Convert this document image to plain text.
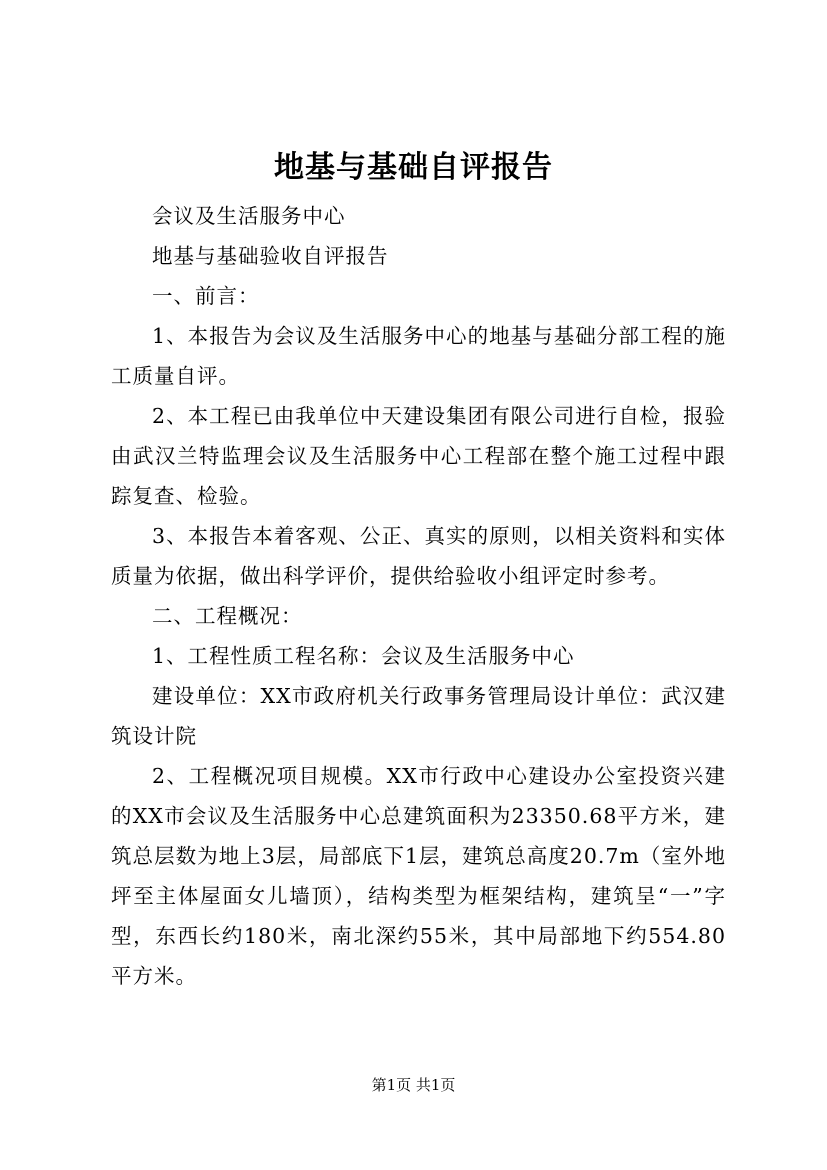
地基与基础自评报告

会议及生活服务中心

地基与基础验收自评报告

一、前言：

1、本报告为会议及生活服务中心的地基与基础分部工程的施工质量自评。

2、本工程已由我单位中天建设集团有限公司进行自检，报验由武汉兰特监理会议及生活服务中心工程部在整个施工过程中跟踪复查、检验。

3、本报告本着客观、公正、真实的原则，以相关资料和实体质量为依据，做出科学评价，提供给验收小组评定时参考。

二、工程概况：

1、工程性质工程名称：会议及生活服务中心

建设单位：XX市政府机关行政事务管理局设计单位：武汉建筑设计院

2、工程概况项目规模。XX市行政中心建设办公室投资兴建的XX市会议及生活服务中心总建筑面积为23350.68平方米，建筑总层数为地上3层，局部底下1层，建筑总高度20.7m（室外地坪至主体屋面女儿墙顶），结构类型为框架结构，建筑呈“一”字型，东西长约180米，南北深约55米，其中局部地下约554.80平方米。

第1页 共1页
